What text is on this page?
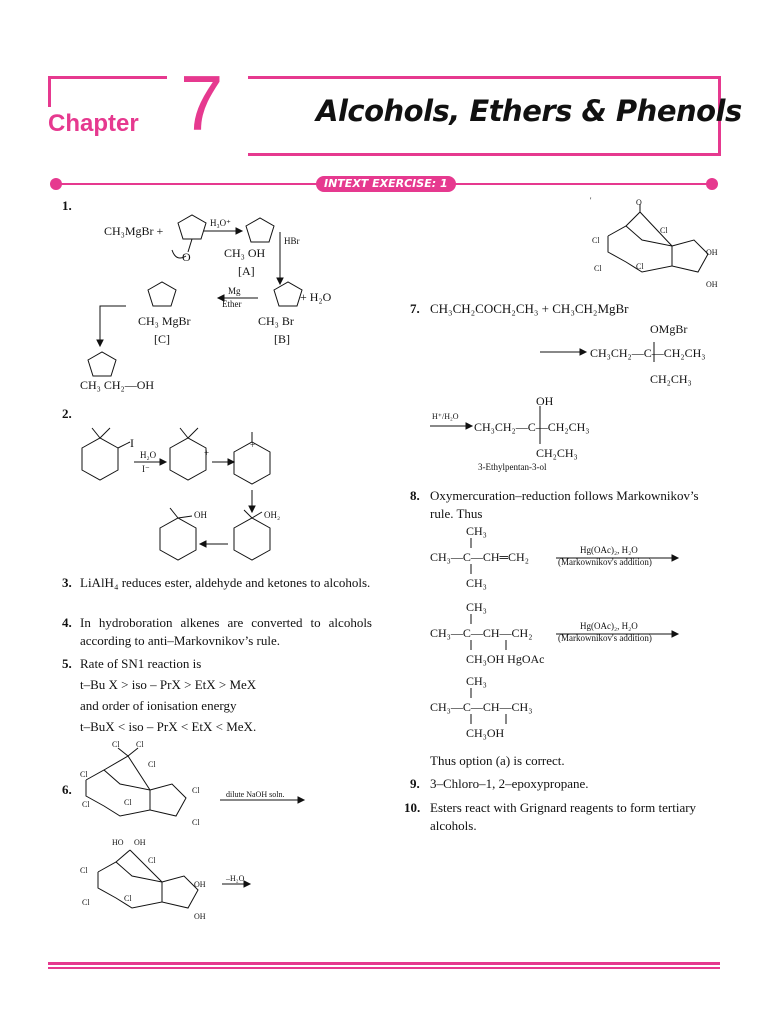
Chapter 7	Alcohols, Ethers & Phenols
INTEXT EXERCISE: 1
1.
CH₃MgBr +
O
H₃O⁺
CH₃ OH
[A]
HBr
Mg
Ether	+ H₂O
CH₃ MgBr
[C]
CH₃ Br
[B]
CH₃ CH₂—OH
2.
I
H₂O
I⁻
+
+
OH	OH₂
3. LiAlH₄ reduces ester, aldehyde and ketones to alcohols.
4. In hydroboration alkenes are converted to alcohols according to anti–Markovnikov’s rule.
5. Rate of SN1 reaction is
t–Bu X > iso – PrX > EtX > MeX
and order of ionisation energy
t–BuX < iso – PrX < EtX < MeX.
6.	dilute NaOH soln.
–H₂O
Cl Cl
Cl
Cl
Cl	Cl
Cl
Cl
HO OH
Cl
Cl
Cl	Cl
OH
OH
'	O
Cl
Cl
Cl	Cl
OH
OH
7. CH₃CH₂COCH₂CH₃ + CH₃CH₂MgBr
OMgBr
CH₃CH₂—C—CH₂CH₃
CH₂CH₃
H⁺/H₂O
OH
CH₃CH₂—C—CH₂CH₃
CH₂CH₃
3-Ethylpentan-3-ol
8. Oxymercuration–reduction follows Markownikov’s rule. Thus
CH₃
CH₃—C—CH═CH₂	Hg(OAc)₂, H₂O
(Markownikov's addition)
CH₃
CH₃
CH₃—C—CH—CH₂	Hg(OAc)₂, H₂O
(Markownikov's addition)
CH₃OH HgOAc
CH₃
CH₃—C—CH—CH₃
CH₃OH
Thus option (a) is correct.
9. 3–Chloro–1, 2–epoxypropane.
10. Esters react with Grignard reagents to form tertiary alcohols.
